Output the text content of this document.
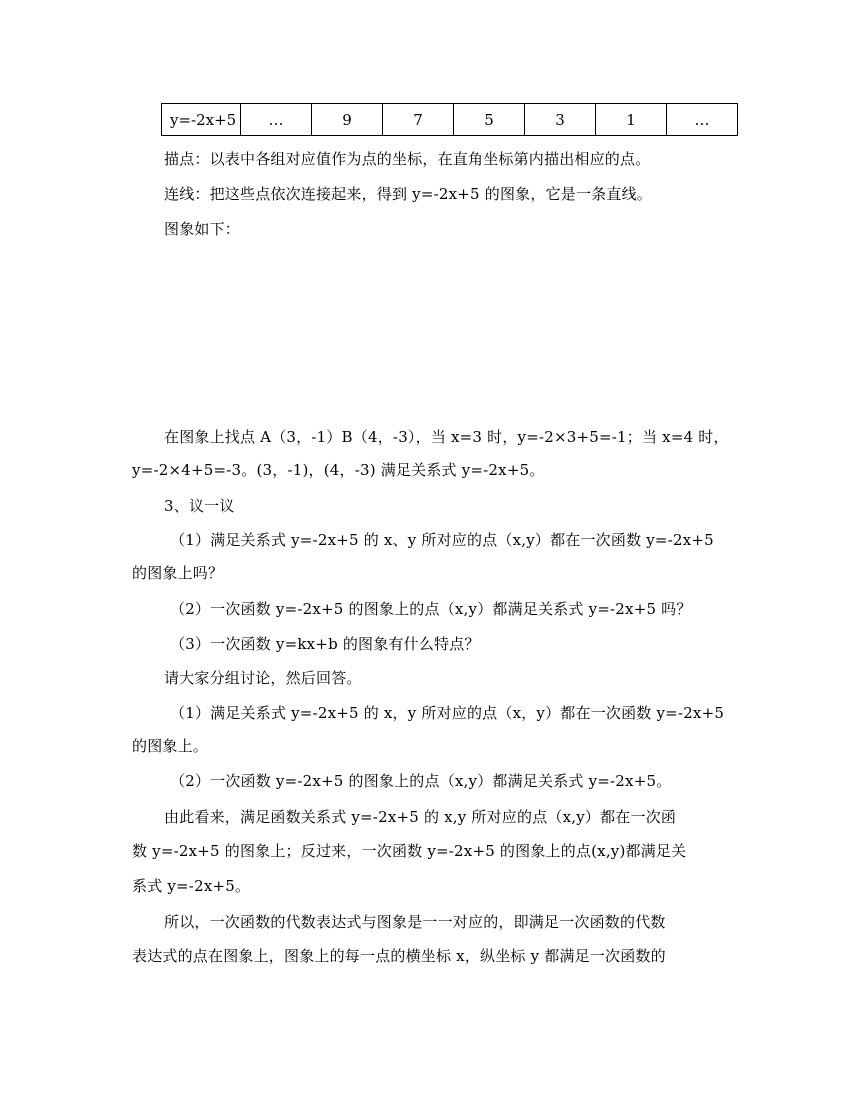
y=-2x+5	…	9	7	5	3	1	…
描点：以表中各组对应值作为点的坐标，在直角坐标第内描出相应的点。
连线：把这些点依次连接起来，得到 y=-2x+5 的图象，它是一条直线。
图象如下：
在图象上找点 A（3，-1）B（4，-3），当 x=3 时，y=-2×3+5=-1；当 x=4 时，
y=-2×4+5=-3。(3，-1)，(4，-3) 满足关系式 y=-2x+5。
3、议一议
（1）满足关系式 y=-2x+5 的 x、y 所对应的点（x,y）都在一次函数 y=-2x+5
的图象上吗？
（2）一次函数 y=-2x+5 的图象上的点（x,y）都满足关系式 y=-2x+5 吗？
（3）一次函数 y=kx+b 的图象有什么特点？
请大家分组讨论，然后回答。
（1）满足关系式 y=-2x+5 的 x，y 所对应的点（x，y）都在一次函数 y=-2x+5
的图象上。
（2）一次函数 y=-2x+5 的图象上的点（x,y）都满足关系式 y=-2x+5。
由此看来，满足函数关系式 y=-2x+5 的 x,y 所对应的点（x,y）都在一次函
数 y=-2x+5 的图象上；反过来，一次函数 y=-2x+5 的图象上的点(x,y)都满足关
系式 y=-2x+5。
所以，一次函数的代数表达式与图象是一一对应的，即满足一次函数的代数
表达式的点在图象上，图象上的每一点的横坐标 x，纵坐标 y 都满足一次函数的
